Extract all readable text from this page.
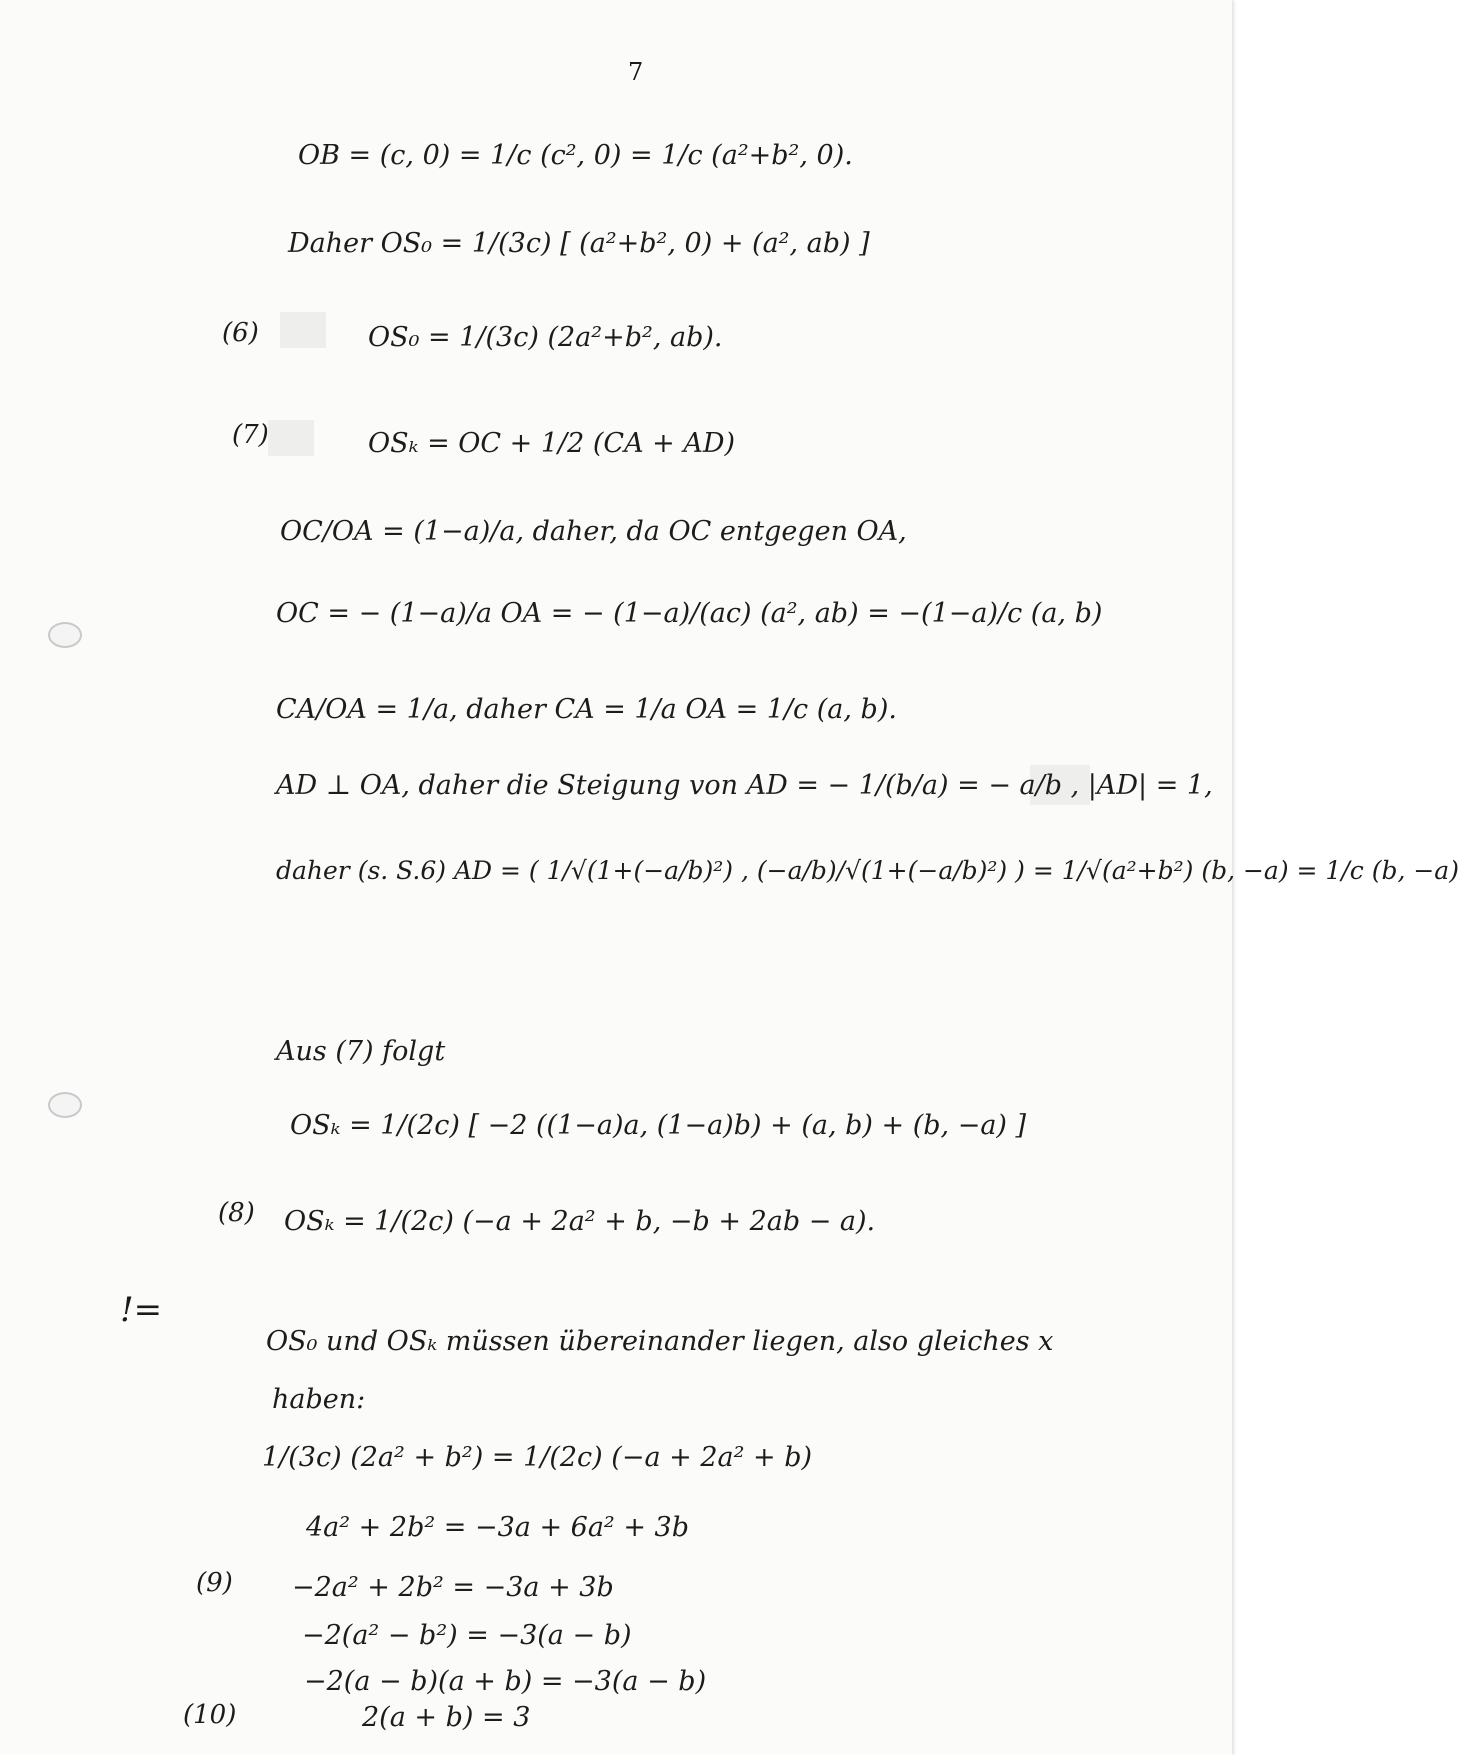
7
!=
(6)
(7)
(8)
(9)
(10)
OB = (c, 0) = 1/c (c², 0) = 1/c (a²+b², 0).
Daher OS₀ = 1/(3c) [ (a²+b², 0) + (a², ab) ]
OS₀ = 1/(3c) (2a²+b², ab).
OSₖ = OC + 1/2 (CA + AD)
OC/OA = (1−a)/a, daher, da OC entgegen OA,
OC = − (1−a)/a OA = − (1−a)/(ac) (a², ab) = −(1−a)/c (a, b)
CA/OA = 1/a, daher CA = 1/a OA = 1/c (a, b).
AD ⊥ OA, daher die Steigung von AD = − 1/(b/a) = − a/b , |AD| = 1,
daher (s. S.6) AD = ( 1/√(1+(−a/b)²) , (−a/b)/√(1+(−a/b)²) ) = 1/√(a²+b²) (b, −a) = 1/c (b, −a)
Aus (7) folgt
OSₖ = 1/(2c) [ −2 ((1−a)a, (1−a)b) + (a, b) + (b, −a) ]
OSₖ = 1/(2c) (−a + 2a² + b, −b + 2ab − a).
OS₀ und OSₖ müssen übereinander liegen, also gleiches x
haben:
1/(3c) (2a² + b²) = 1/(2c) (−a + 2a² + b)
4a² + 2b² = −3a + 6a² + 3b
−2a² + 2b² = −3a + 3b
−2(a² − b²) = −3(a − b)
−2(a − b)(a + b) = −3(a − b)
2(a + b) = 3
